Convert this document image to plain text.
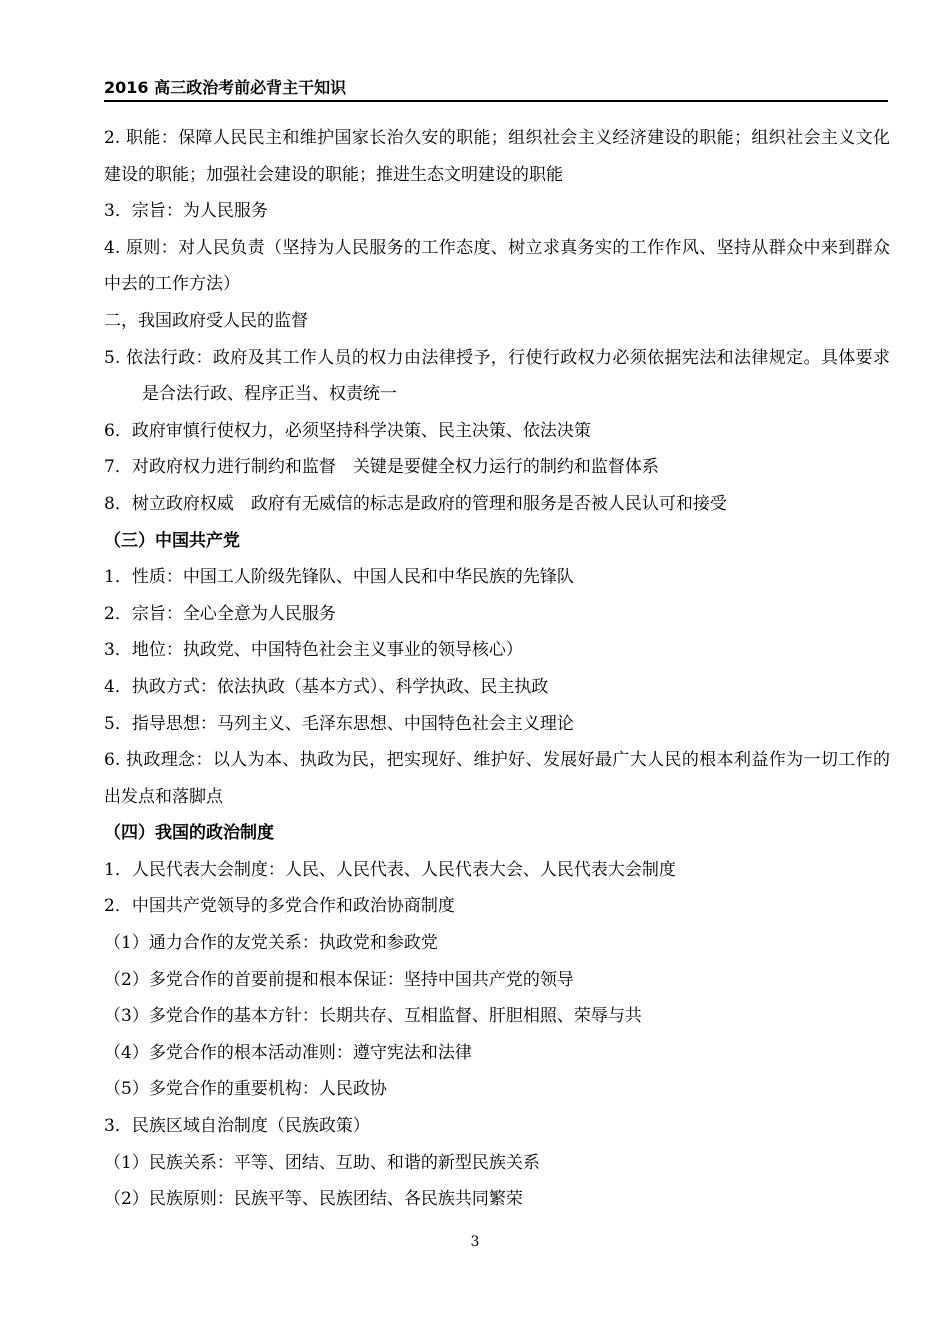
2016 高三政治考前必背主干知识
2. 职能：保障人民民主和维护国家长治久安的职能；组织社会主义经济建设的职能；组织社会主义文化建设的职能；加强社会建设的职能；推进生态文明建设的职能
3．宗旨：为人民服务
4. 原则：对人民负责（坚持为人民服务的工作态度、树立求真务实的工作作风、坚持从群众中来到群众中去的工作方法）
二，我国政府受人民的监督
5. 依法行政：政府及其工作人员的权力由法律授予，行使行政权力必须依据宪法和法律规定。具体要求是合法行政、程序正当、权责统一
6．政府审慎行使权力，必须坚持科学决策、民主决策、依法决策
7．对政府权力进行制约和监督　关键是要健全权力运行的制约和监督体系
8．树立政府权威　政府有无威信的标志是政府的管理和服务是否被人民认可和接受
（三）中国共产党
1．性质：中国工人阶级先锋队、中国人民和中华民族的先锋队
2．宗旨：全心全意为人民服务
3．地位：执政党、中国特色社会主义事业的领导核心）
4．执政方式：依法执政（基本方式）、科学执政、民主执政
5．指导思想：马列主义、毛泽东思想、中国特色社会主义理论
6. 执政理念：以人为本、执政为民，把实现好、维护好、发展好最广大人民的根本利益作为一切工作的出发点和落脚点
（四）我国的政治制度
1．人民代表大会制度：人民、人民代表、人民代表大会、人民代表大会制度
2．中国共产党领导的多党合作和政治协商制度
（1）通力合作的友党关系：执政党和参政党
（2）多党合作的首要前提和根本保证：坚持中国共产党的领导
（3）多党合作的基本方针：长期共存、互相监督、肝胆相照、荣辱与共
（4）多党合作的根本活动准则：遵守宪法和法律
（5）多党合作的重要机构：人民政协
3．民族区域自治制度（民族政策）
（1）民族关系：平等、团结、互助、和谐的新型民族关系
（2）民族原则：民族平等、民族团结、各民族共同繁荣
3
